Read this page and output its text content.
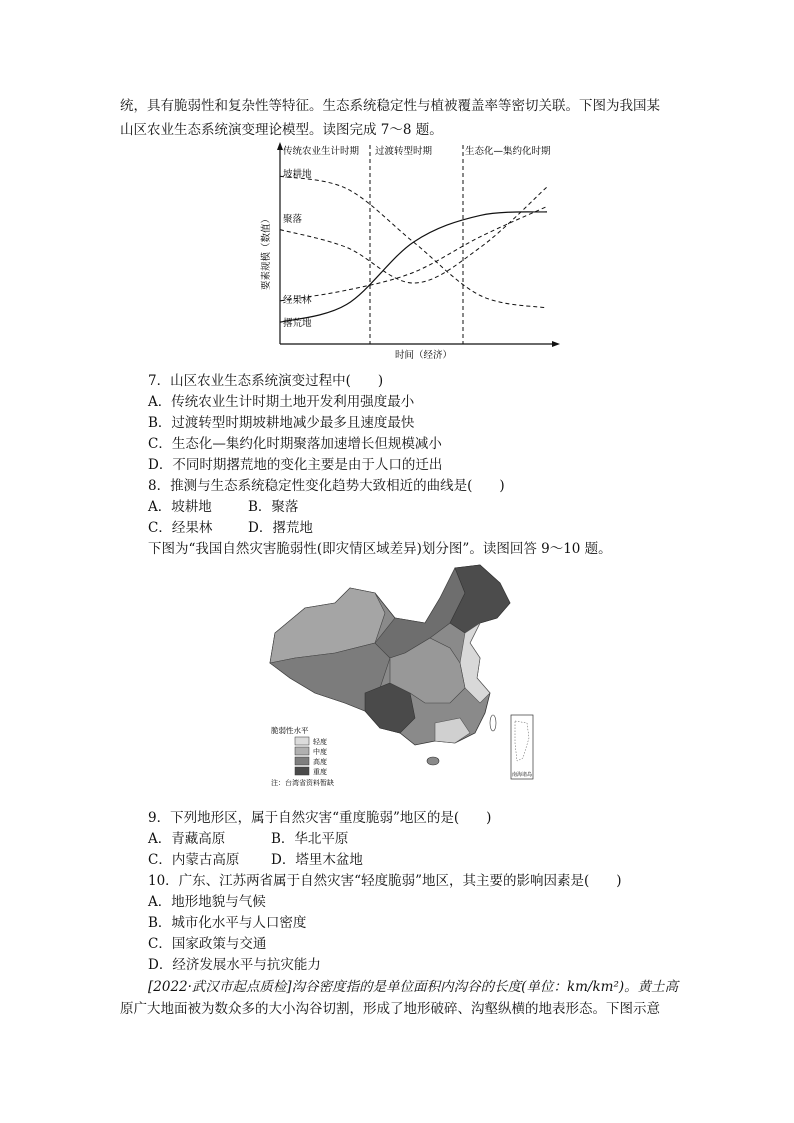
统，具有脆弱性和复杂性等特征。生态系统稳定性与植被覆盖率等密切关联。下图为我国某
山区农业生态系统演变理论模型。读图完成 7～8 题。
传统农业生计时期 过渡转型时期	生态化—集约化时期
要素规模（数值）
时间（经济）
坡耕地
聚落
经果林
撂荒地
7．山区农业生态系统演变过程中(　　)
A．传统农业生计时期土地开发利用强度最小
B．过渡转型时期坡耕地减少最多且速度最快
C．生态化—集约化时期聚落加速增长但规模减小
D．不同时期撂荒地的变化主要是由于人口的迁出
8．推测与生态系统稳定性变化趋势大致相近的曲线是(　　)
A．坡耕地	B．聚落
C．经果林	D．撂荒地
下图为“我国自然灾害脆弱性(即灾情区域差异)划分图”。读图回答 9～10 题。
脆弱性水平
轻度
中度
高度
重度
注：台湾省资料暂缺
南海诸岛
9．下列地形区，属于自然灾害“重度脆弱”地区的是(　　)
A．青藏高原	B．华北平原
C．内蒙古高原 D．塔里木盆地
10．广东、江苏两省属于自然灾害“轻度脆弱”地区，其主要的影响因素是(　　)
A．地形地貌与气候
B．城市化水平与人口密度
C．国家政策与交通
D．经济发展水平与抗灾能力
[2022·武汉市起点质检]沟谷密度指的是单位面积内沟谷的长度(单位：km/km²)。黄土高
原广大地面被为数众多的大小沟谷切割，形成了地形破碎、沟壑纵横的地表形态。下图示意
